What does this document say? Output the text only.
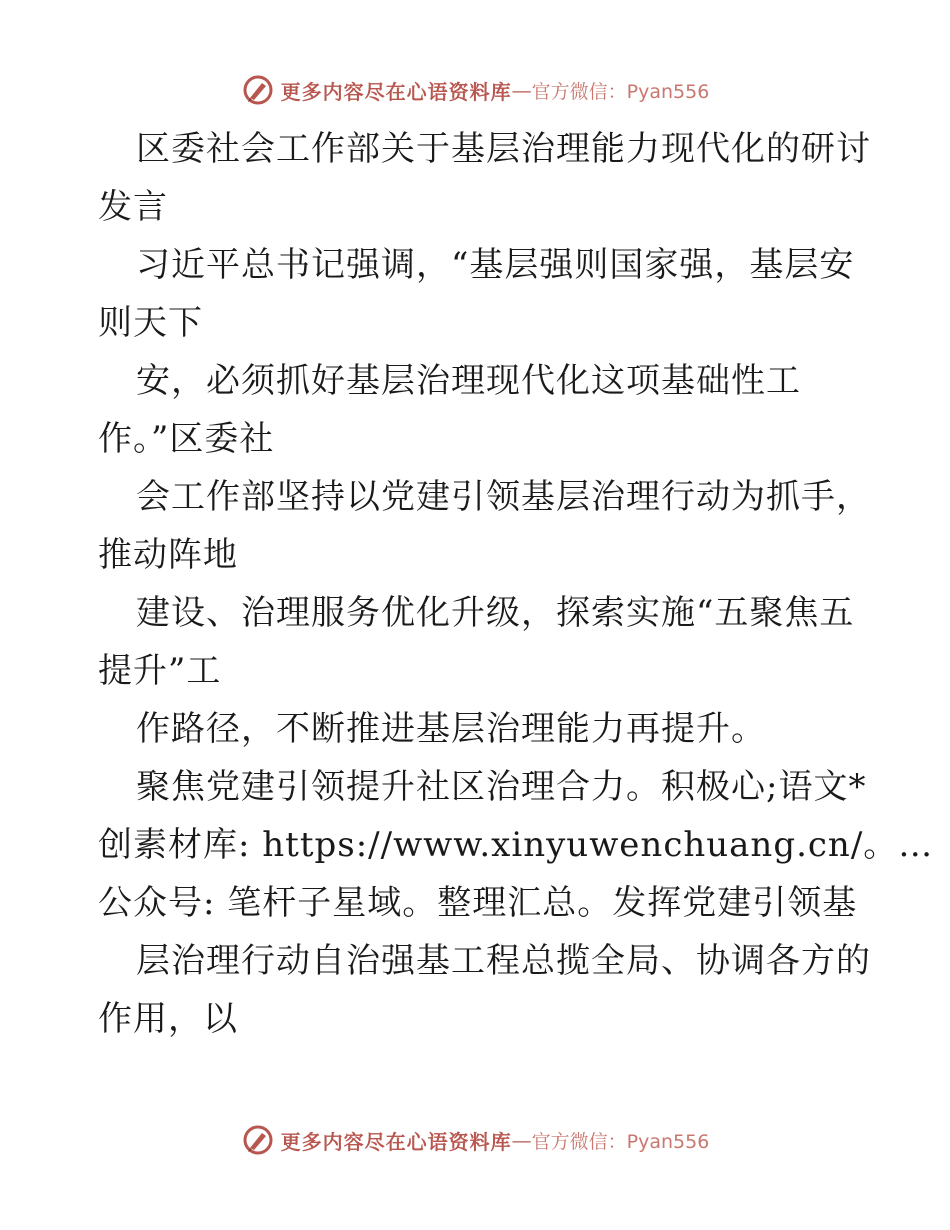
更多内容尽在心语资料库 — 官方微信：Pyan556
区委社会工作部关于基层治理能力现代化的研讨
发言
习近平总书记强调，“基层强则国家强，基层安
则天下
安，必须抓好基层治理现代化这项基础性工
作。”区委社
会工作部坚持以党建引领基层治理行动为抓手，
推动阵地
建设、治理服务优化升级，探索实施“五聚焦五
提升”工
作路径，不断推进基层治理能力再提升。
聚焦党建引领提升社区治理合力。积极心;语文*
创素材库: https://www.xinyuwenchuang.cn/。…
公众号: 笔杆子星域。整理汇总。发挥党建引领基
层治理行动自治强基工程总揽全局、协调各方的
作用，以
更多内容尽在心语资料库 — 官方微信：Pyan556
